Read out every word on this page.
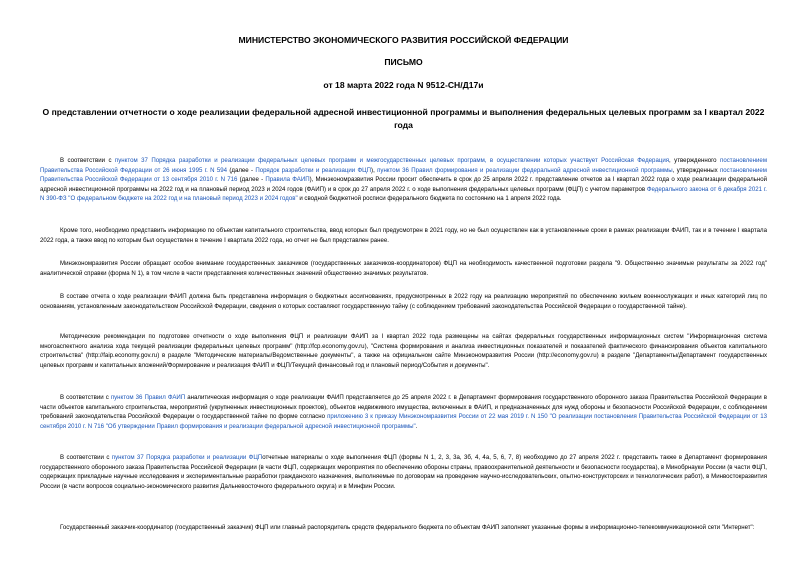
МИНИСТЕРСТВО ЭКОНОМИЧЕСКОГО РАЗВИТИЯ РОССИЙСКОЙ ФЕДЕРАЦИИ
ПИСЬМО
от 18 марта 2022 года N 9512-СН/Д17и
О представлении отчетности о ходе реализации федеральной адресной инвестиционной программы и выполнения федеральных целевых программ за I квартал 2022 года
В соответствии с пунктом 37 Порядка разработки и реализации федеральных целевых программ и межгосударственных целевых программ, в осуществлении которых участвует Российская Федерация, утвержденного постановлением Правительства Российской Федерации от 26 июня 1995 г. N 594 (далее - Порядок разработки и реализации ФЦП), пунктом 36 Правил формирования и реализации федеральной адресной инвестиционной программы, утвержденных постановлением Правительства Российской Федерации от 13 сентября 2010 г. N 716 (далее - Правила ФАИП), Минэкономразвития России просит обеспечить в срок до 25 апреля 2022 г. представление отчетов за I квартал 2022 года о ходе реализации федеральной адресной инвестиционной программы на 2022 год и на плановый период 2023 и 2024 годов (ФАИП) и в срок до 27 апреля 2022 г. о ходе выполнения федеральных целевых программ (ФЦП) с учетом параметров Федерального закона от 6 декабря 2021 г. N 390-ФЗ "О федеральном бюджете на 2022 год и на плановый период 2023 и 2024 годов" и сводной бюджетной росписи федерального бюджета по состоянию на 1 апреля 2022 года.
Кроме того, необходимо представить информацию по объектам капитального строительства, ввод которых был предусмотрен в 2021 году, но не был осуществлен как в установленные сроки в рамках реализации ФАИП, так и в течение I квартала 2022 года, а также ввод по которым был осуществлен в течение I квартала 2022 года, но отчет не был представлен ранее.
Минэкономразвития России обращает особое внимание государственных заказчиков (государственных заказчиков-координаторов) ФЦП на необходимость качественной подготовки раздела "9. Общественно значимые результаты за 2022 год" аналитической справки (форма N 1), в том числе в части представления количественных значений общественно значимых результатов.
В составе отчета о ходе реализации ФАИП должна быть представлена информация о бюджетных ассигнованиях, предусмотренных в 2022 году на реализацию мероприятий по обеспечению жильем военнослужащих и иных категорий лиц по основаниям, установленным законодательством Российской Федерации, сведения о которых составляют государственную тайну (с соблюдением требований законодательства Российской Федерации о государственной тайне).
Методические рекомендации по подготовке отчетности о ходе выполнения ФЦП и реализации ФАИП за I квартал 2022 года размещены на сайтах федеральных государственных информационных систем "Информационная система многоаспектного анализа хода текущей реализации федеральных целевых программ" (http://fcp.economy.gov.ru), "Система формирования и анализа инвестиционных показателей и показателей фактического финансирования объектов капитального строительства" (http://faip.economy.gov.ru) в разделе "Методические материалы/Ведомственные документы", а также на официальном сайте Минэкономразвития России (http://economy.gov.ru) в разделе "Департаменты/Департамент государственных целевых программ и капитальных вложений/Формирование и реализация ФАИП и ФЦП/Текущий финансовый год и плановый период/События и документы".
В соответствии с пунктом 36 Правил ФАИП аналитическая информация о ходе реализации ФАИП представляется до 25 апреля 2022 г. в Департамент формирования государственного оборонного заказа Правительства Российской Федерации в части объектов капитального строительства, мероприятий (укрупненных инвестиционных проектов), объектов недвижимого имущества, включенных в ФАИП, и предназначенных для нужд обороны и безопасности Российской Федерации, с соблюдением требований законодательства Российской Федерации о государственной тайне по форме согласно приложению 3 к приказу Минэкономразвития России от 22 мая 2019 г. N 150 "О реализации постановления Правительства Российской Федерации от 13 сентября 2010 г. N 716 "Об утверждении Правил формирования и реализации федеральной адресной инвестиционной программы".
В соответствии с пунктом 37 Порядка разработки и реализации ФЦПотчетные материалы о ходе выполнения ФЦП (формы N 1, 2, 3, 3а, 3б, 4, 4а, 5, 6, 7, 8) необходимо до 27 апреля 2022 г. представить также в Департамент формирования государственного оборонного заказа Правительства Российской Федерации (в части ФЦП, содержащих мероприятия по обеспечению обороны страны, правоохранительной деятельности и безопасности государства), в Минобрнауки России (в части ФЦП, содержащих прикладные научные исследования и экспериментальные разработки гражданского назначения, выполняемые по договорам на проведение научно-исследовательских, опытно-конструкторских и технологических работ), в Минвостокразвития России (в части вопросов социально-экономического развития Дальневосточного федерального округа) и в Минфин России.
Государственный заказчик-координатор (государственный заказчик) ФЦП или главный распорядитель средств федерального бюджета по объектам ФАИП заполняет указанные формы в информационно-телекоммуникационной сети "Интернет":
